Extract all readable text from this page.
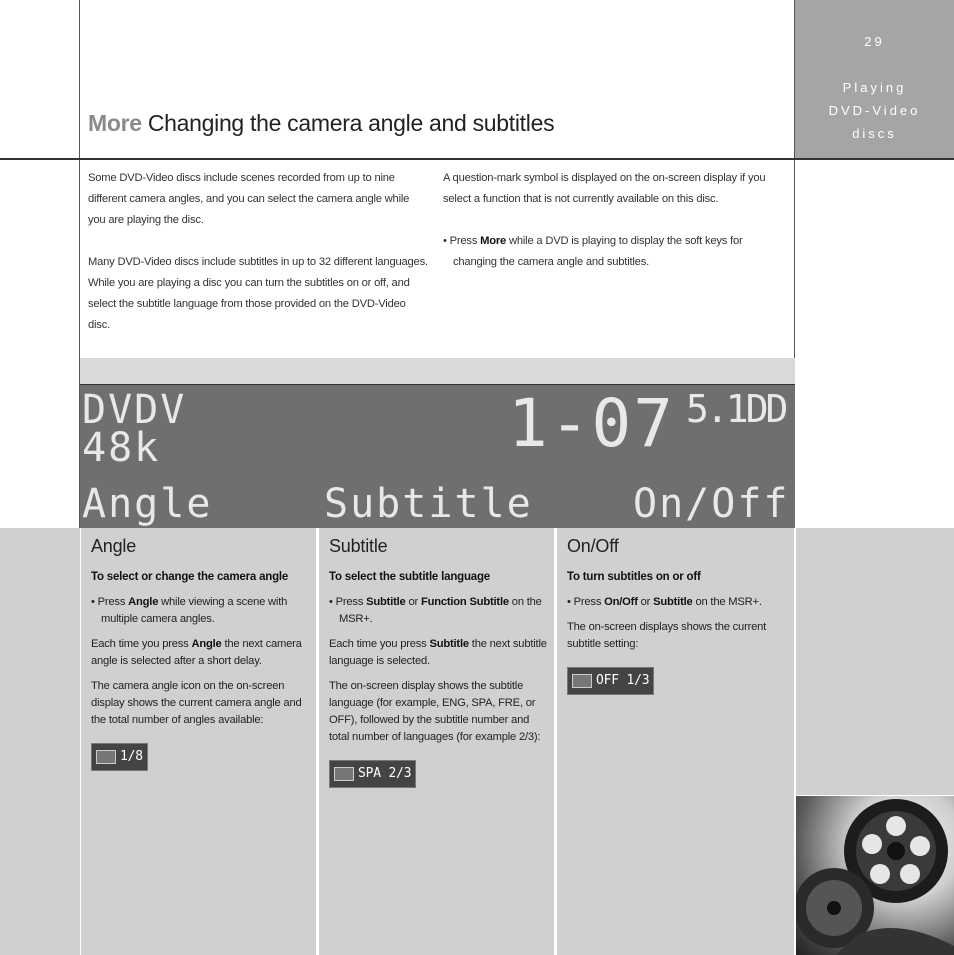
29
Playing
DVD-Video
discs
More Changing the camera angle and subtitles

Some DVD-Video discs include scenes recorded from up to nine different camera angles, and you can select the camera angle while you are playing the disc.

Many DVD-Video discs include subtitles in up to 32 different languages. While you are playing a disc you can turn the subtitles on or off, and select the subtitle language from those provided on the DVD-Video disc.

A question-mark symbol is displayed on the on-screen display if you select a function that is not currently available on this disc.

• Press More while a DVD is playing to display the soft keys for changing the camera angle and subtitles.

DVDV
48k	1-07 5.1DD
Angle	Subtitle	On/Off
Angle
To select or change the camera angle

• Press Angle while viewing a scene with multiple camera angles.

Each time you press Angle the next camera angle is selected after a short delay.

The camera angle icon on the on-screen display shows the current camera angle and the total number of angles available:

1/8
Subtitle
To select the subtitle language

• Press Subtitle or Function Subtitle on the MSR+.

Each time you press Subtitle the next subtitle language is selected.

The on-screen display shows the subtitle language (for example, ENG, SPA, FRE, or OFF), followed by the subtitle number and total number of languages (for example 2/3):

SPA 2/3
On/Off
To turn subtitles on or off

• Press On/Off or Subtitle on the MSR+.

The on-screen displays shows the current subtitle setting:

OFF 1/3
